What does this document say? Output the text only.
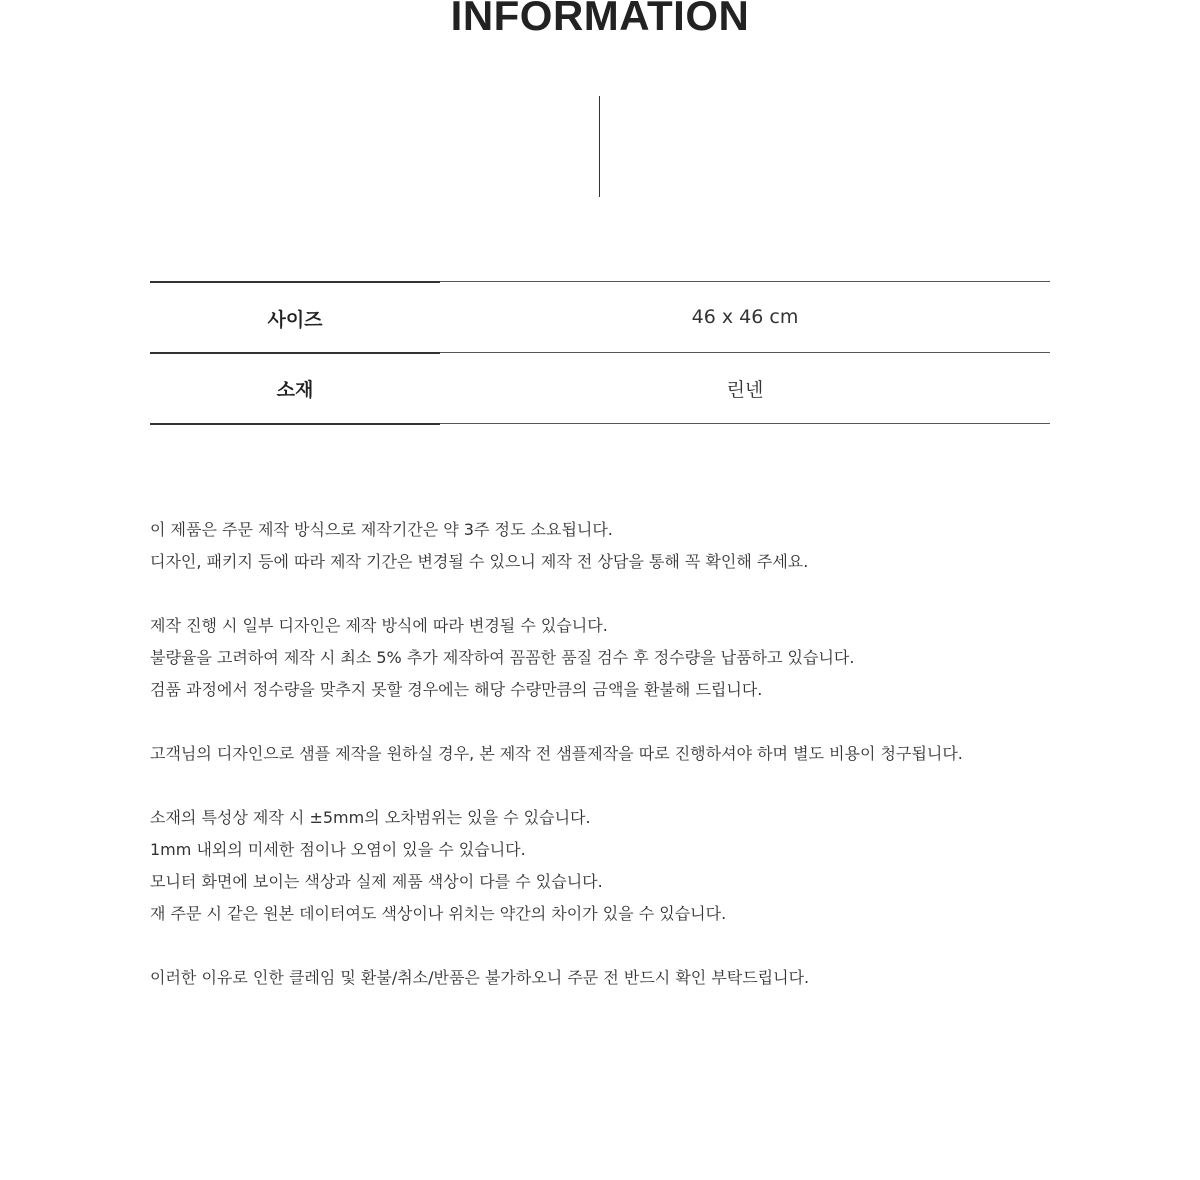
INFORMATION
사이즈	46 x 46 cm
소재	린넨
이 제품은 주문 제작 방식으로 제작기간은 약 3주 정도 소요됩니다.
디자인, 패키지 등에 따라 제작 기간은 변경될 수 있으니 제작 전 상담을 통해 꼭 확인해 주세요.
제작 진행 시 일부 디자인은 제작 방식에 따라 변경될 수 있습니다.
불량율을 고려하여 제작 시 최소 5% 추가 제작하여 꼼꼼한 품질 검수 후 정수량을 납품하고 있습니다.
검품 과정에서 정수량을 맞추지 못할 경우에는 해당 수량만큼의 금액을 환불해 드립니다.
고객님의 디자인으로 샘플 제작을 원하실 경우, 본 제작 전 샘플제작을 따로 진행하셔야 하며 별도 비용이 청구됩니다.
소재의 특성상 제작 시 ±5mm의 오차범위는 있을 수 있습니다.
1mm 내외의 미세한 점이나 오염이 있을 수 있습니다.
모니터 화면에 보이는 색상과 실제 제품 색상이 다를 수 있습니다.
재 주문 시 같은 원본 데이터여도 색상이나 위치는 약간의 차이가 있을 수 있습니다.
이러한 이유로 인한 클레임 및 환불/취소/반품은 불가하오니 주문 전 반드시 확인 부탁드립니다.
